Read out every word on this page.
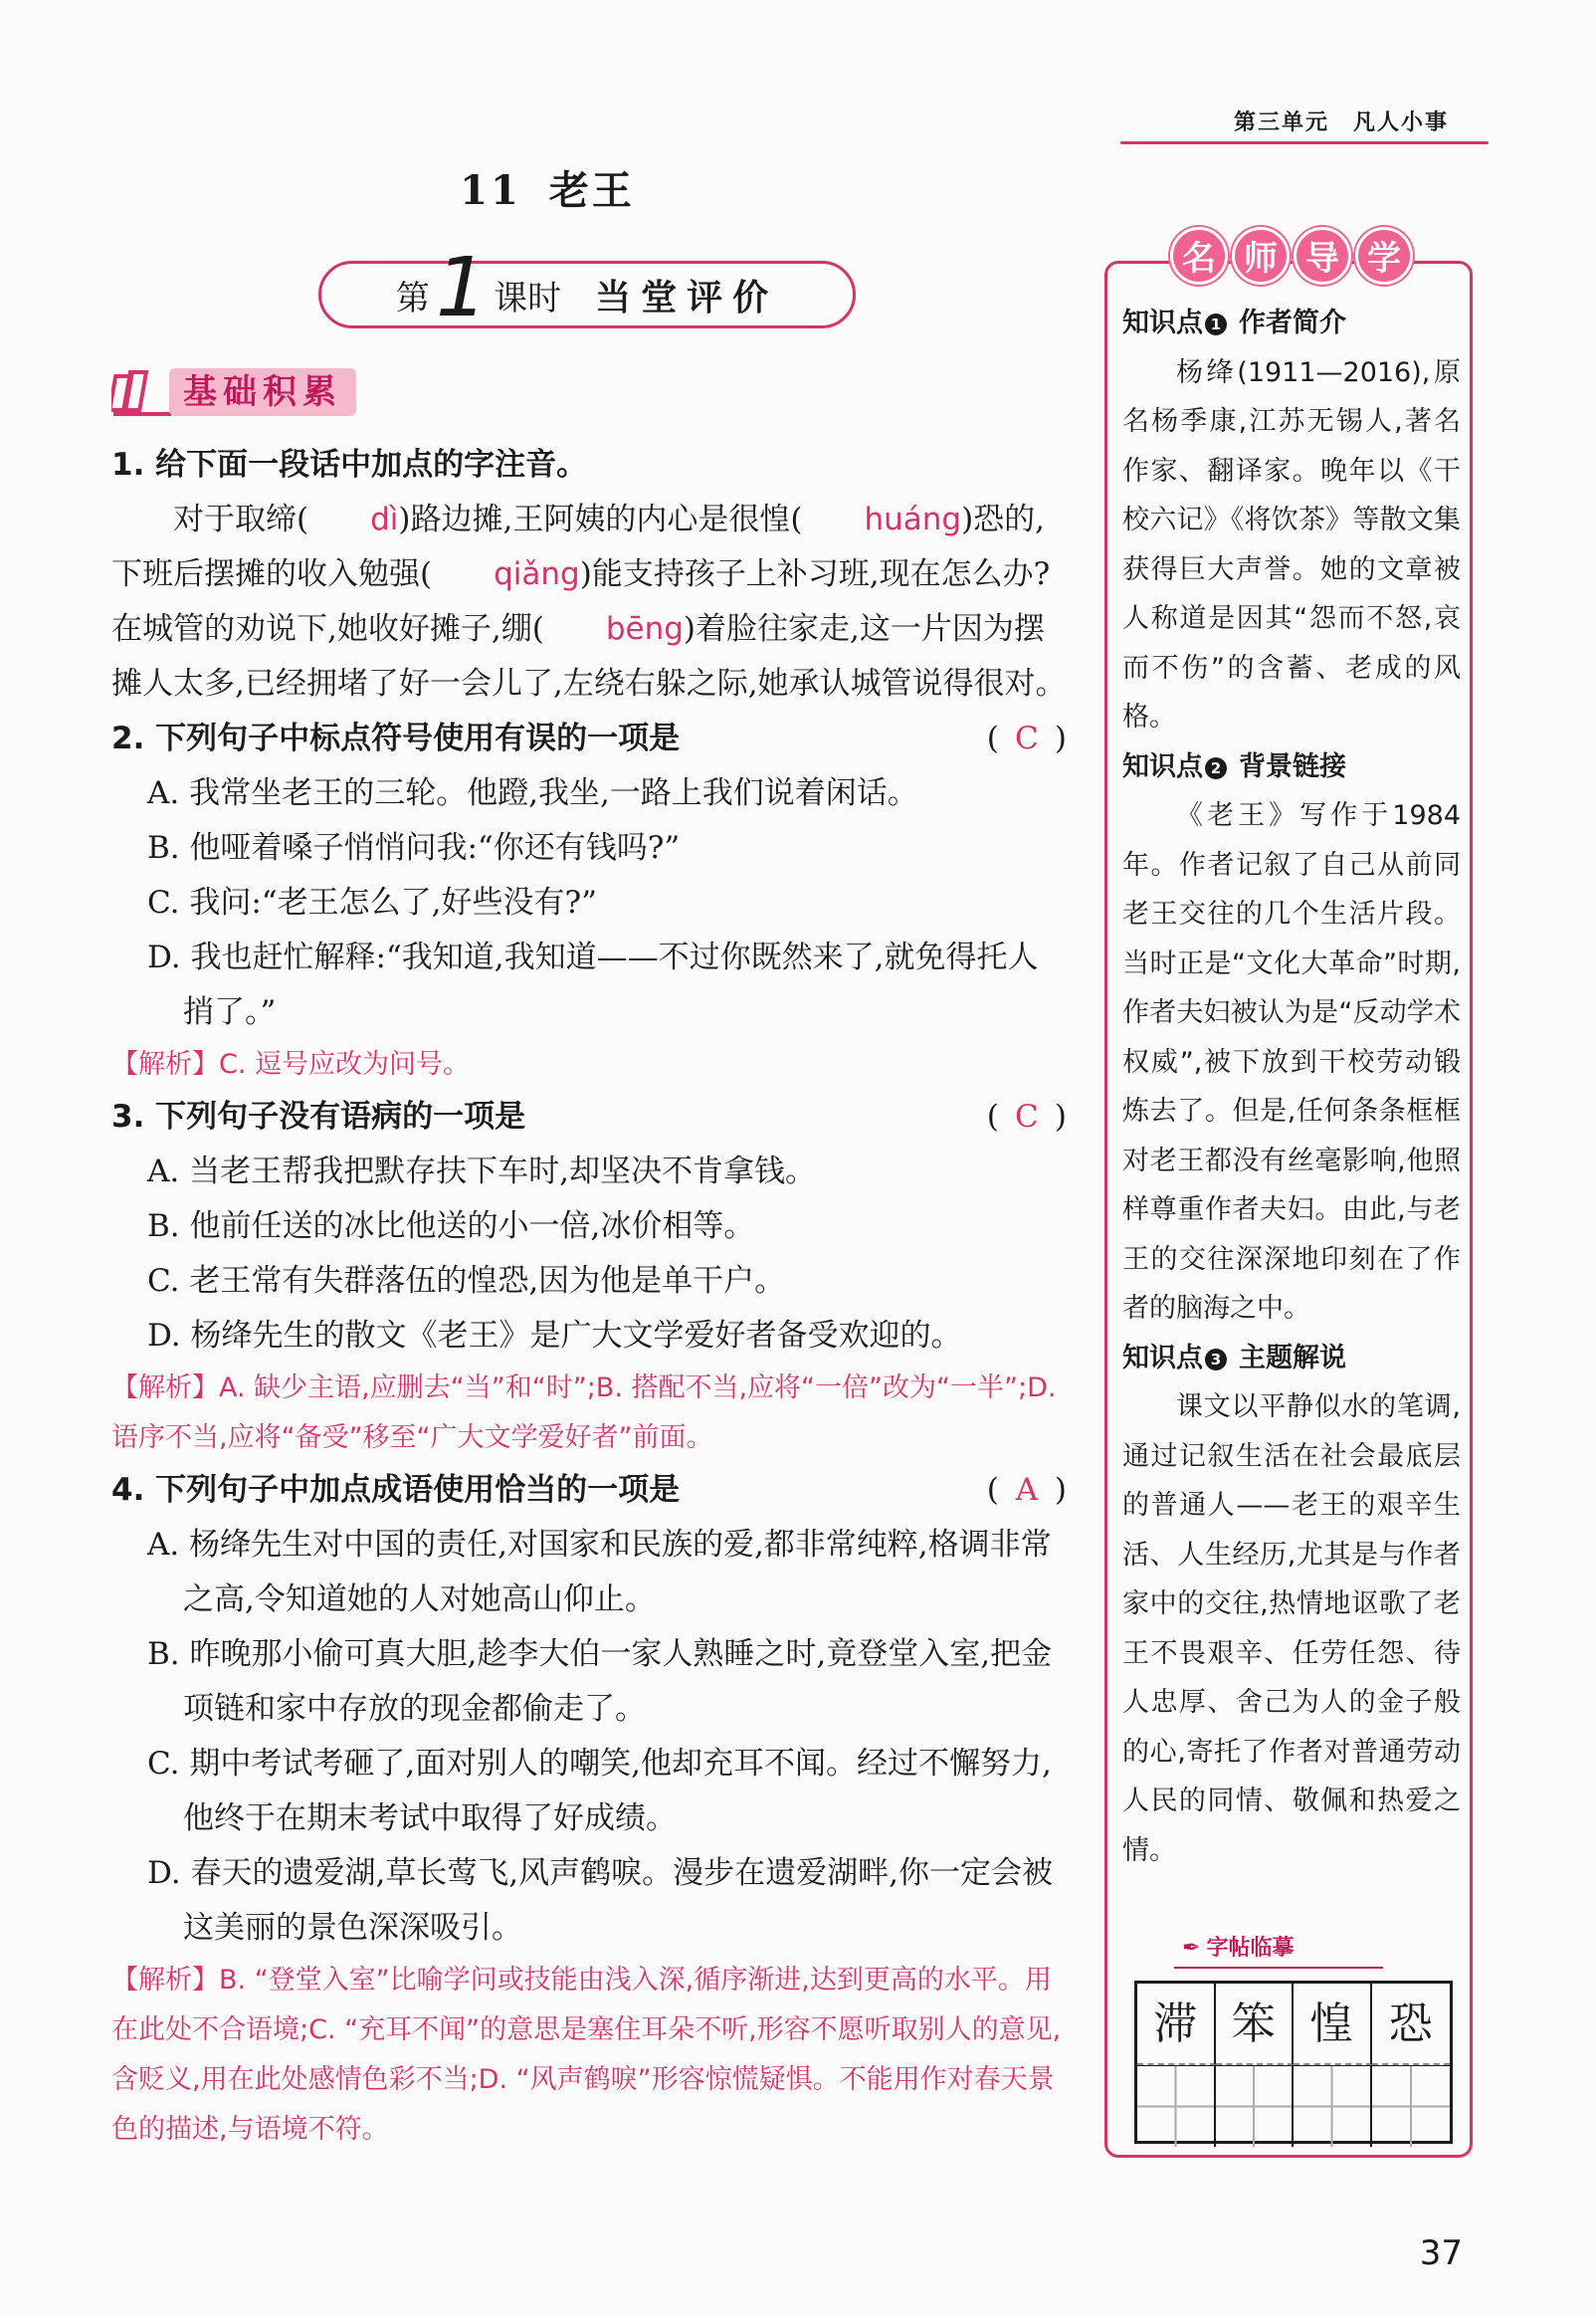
第三单元　凡人小事
11 老王
第 1 课时 当堂评价
基础积累
1. 给下面一段话中加点的字注音。
对于取缔( dì)路边摊,王阿姨的内心是很惶( huáng)恐的,下班后摆摊的收入勉强( qiǎng)能支持孩子上补习班,现在怎么办?在城管的劝说下,她收好摊子,绷( bēng)着脸往家走,这一片因为摆摊人太多,已经拥堵了好一会儿了,左绕右躲之际,她承认城管说得很对。
2. 下列句子中标点符号使用有误的一项是	( C )
A. 我常坐老王的三轮。他蹬,我坐,一路上我们说着闲话。
B. 他哑着嗓子悄悄问我:“你还有钱吗?”
C. 我问:“老王怎么了,好些没有?”
D. 我也赶忙解释:“我知道,我知道——不过你既然来了,就免得托人捎了。”
【解析】C. 逗号应改为问号。
3. 下列句子没有语病的一项是	( C )
A. 当老王帮我把默存扶下车时,却坚决不肯拿钱。
B. 他前任送的冰比他送的小一倍,冰价相等。
C. 老王常有失群落伍的惶恐,因为他是单干户。
D. 杨绛先生的散文《老王》是广大文学爱好者备受欢迎的。
【解析】A. 缺少主语,应删去“当”和“时”;B. 搭配不当,应将“一倍”改为“一半”;D. 语序不当,应将“备受”移至“广大文学爱好者”前面。
4. 下列句子中加点成语使用恰当的一项是	( A )
A. 杨绛先生对中国的责任,对国家和民族的爱,都非常纯粹,格调非常之高,令知道她的人对她高山仰止。
B. 昨晚那小偷可真大胆,趁李大伯一家人熟睡之时,竟登堂入室,把金项链和家中存放的现金都偷走了。
C. 期中考试考砸了,面对别人的嘲笑,他却充耳不闻。经过不懈努力,他终于在期末考试中取得了好成绩。
D. 春天的遗爱湖,草长莺飞,风声鹤唳。漫步在遗爱湖畔,你一定会被这美丽的景色深深吸引。
【解析】B. “登堂入室”比喻学问或技能由浅入深,循序渐进,达到更高的水平。用在此处不合语境;C. “充耳不闻”的意思是塞住耳朵不听,形容不愿听取别人的意见,含贬义,用在此处感情色彩不当;D. “风声鹤唳”形容惊慌疑惧。不能用作对春天景色的描述,与语境不符。
名 师 导 学
知识点 1 作者简介
杨绛(1911—2016),原名杨季康,江苏无锡人,著名作家、翻译家。晚年以《干校六记》《将饮茶》等散文集获得巨大声誉。她的文章被人称道是因其“怨而不怒,哀而不伤”的含蓄、老成的风格。
知识点 2 背景链接
《老王》写作于1984年。作者记叙了自己从前同老王交往的几个生活片段。当时正是“文化大革命”时期,作者夫妇被认为是“反动学术权威”,被下放到干校劳动锻炼去了。但是,任何条条框框对老王都没有丝毫影响,他照样尊重作者夫妇。由此,与老王的交往深深地印刻在了作者的脑海之中。
知识点 3 主题解说
课文以平静似水的笔调,通过记叙生活在社会最底层的普通人——老王的艰辛生活、人生经历,尤其是与作者家中的交往,热情地讴歌了老王不畏艰辛、任劳任怨、待人忠厚、舍己为人的金子般的心,寄托了作者对普通劳动人民的同情、敬佩和热爱之情。
✒ 字帖临摹
滞 笨 惶 恐
37
